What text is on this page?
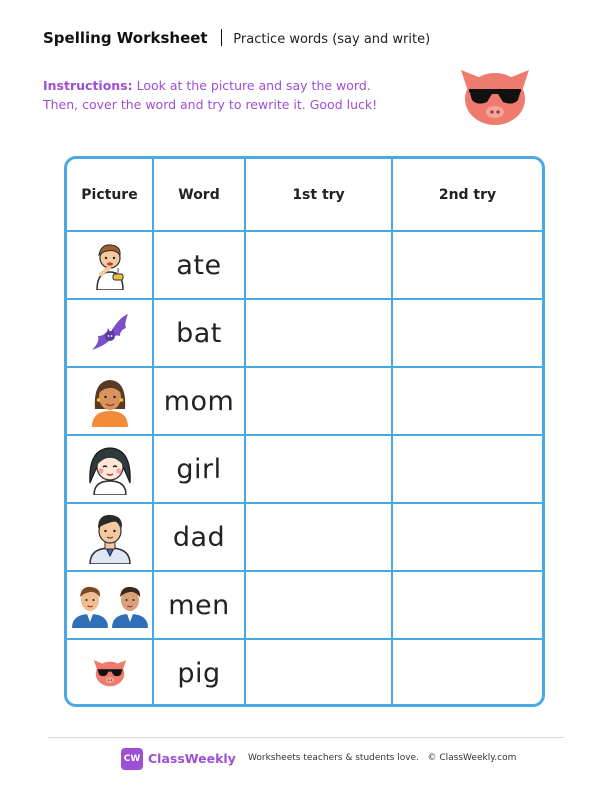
Spelling Worksheet Practice words (say and write)
Instructions: Look at the picture and say the word.
Then, cover the word and try to rewrite it. Good luck!
Picture	Word	1st try	2nd try

	ate		

	bat		

	mom		

	girl		

	dad		

	men		

	pig		
CW ClassWeekly Worksheets teachers & students love. © ClassWeekly.com
